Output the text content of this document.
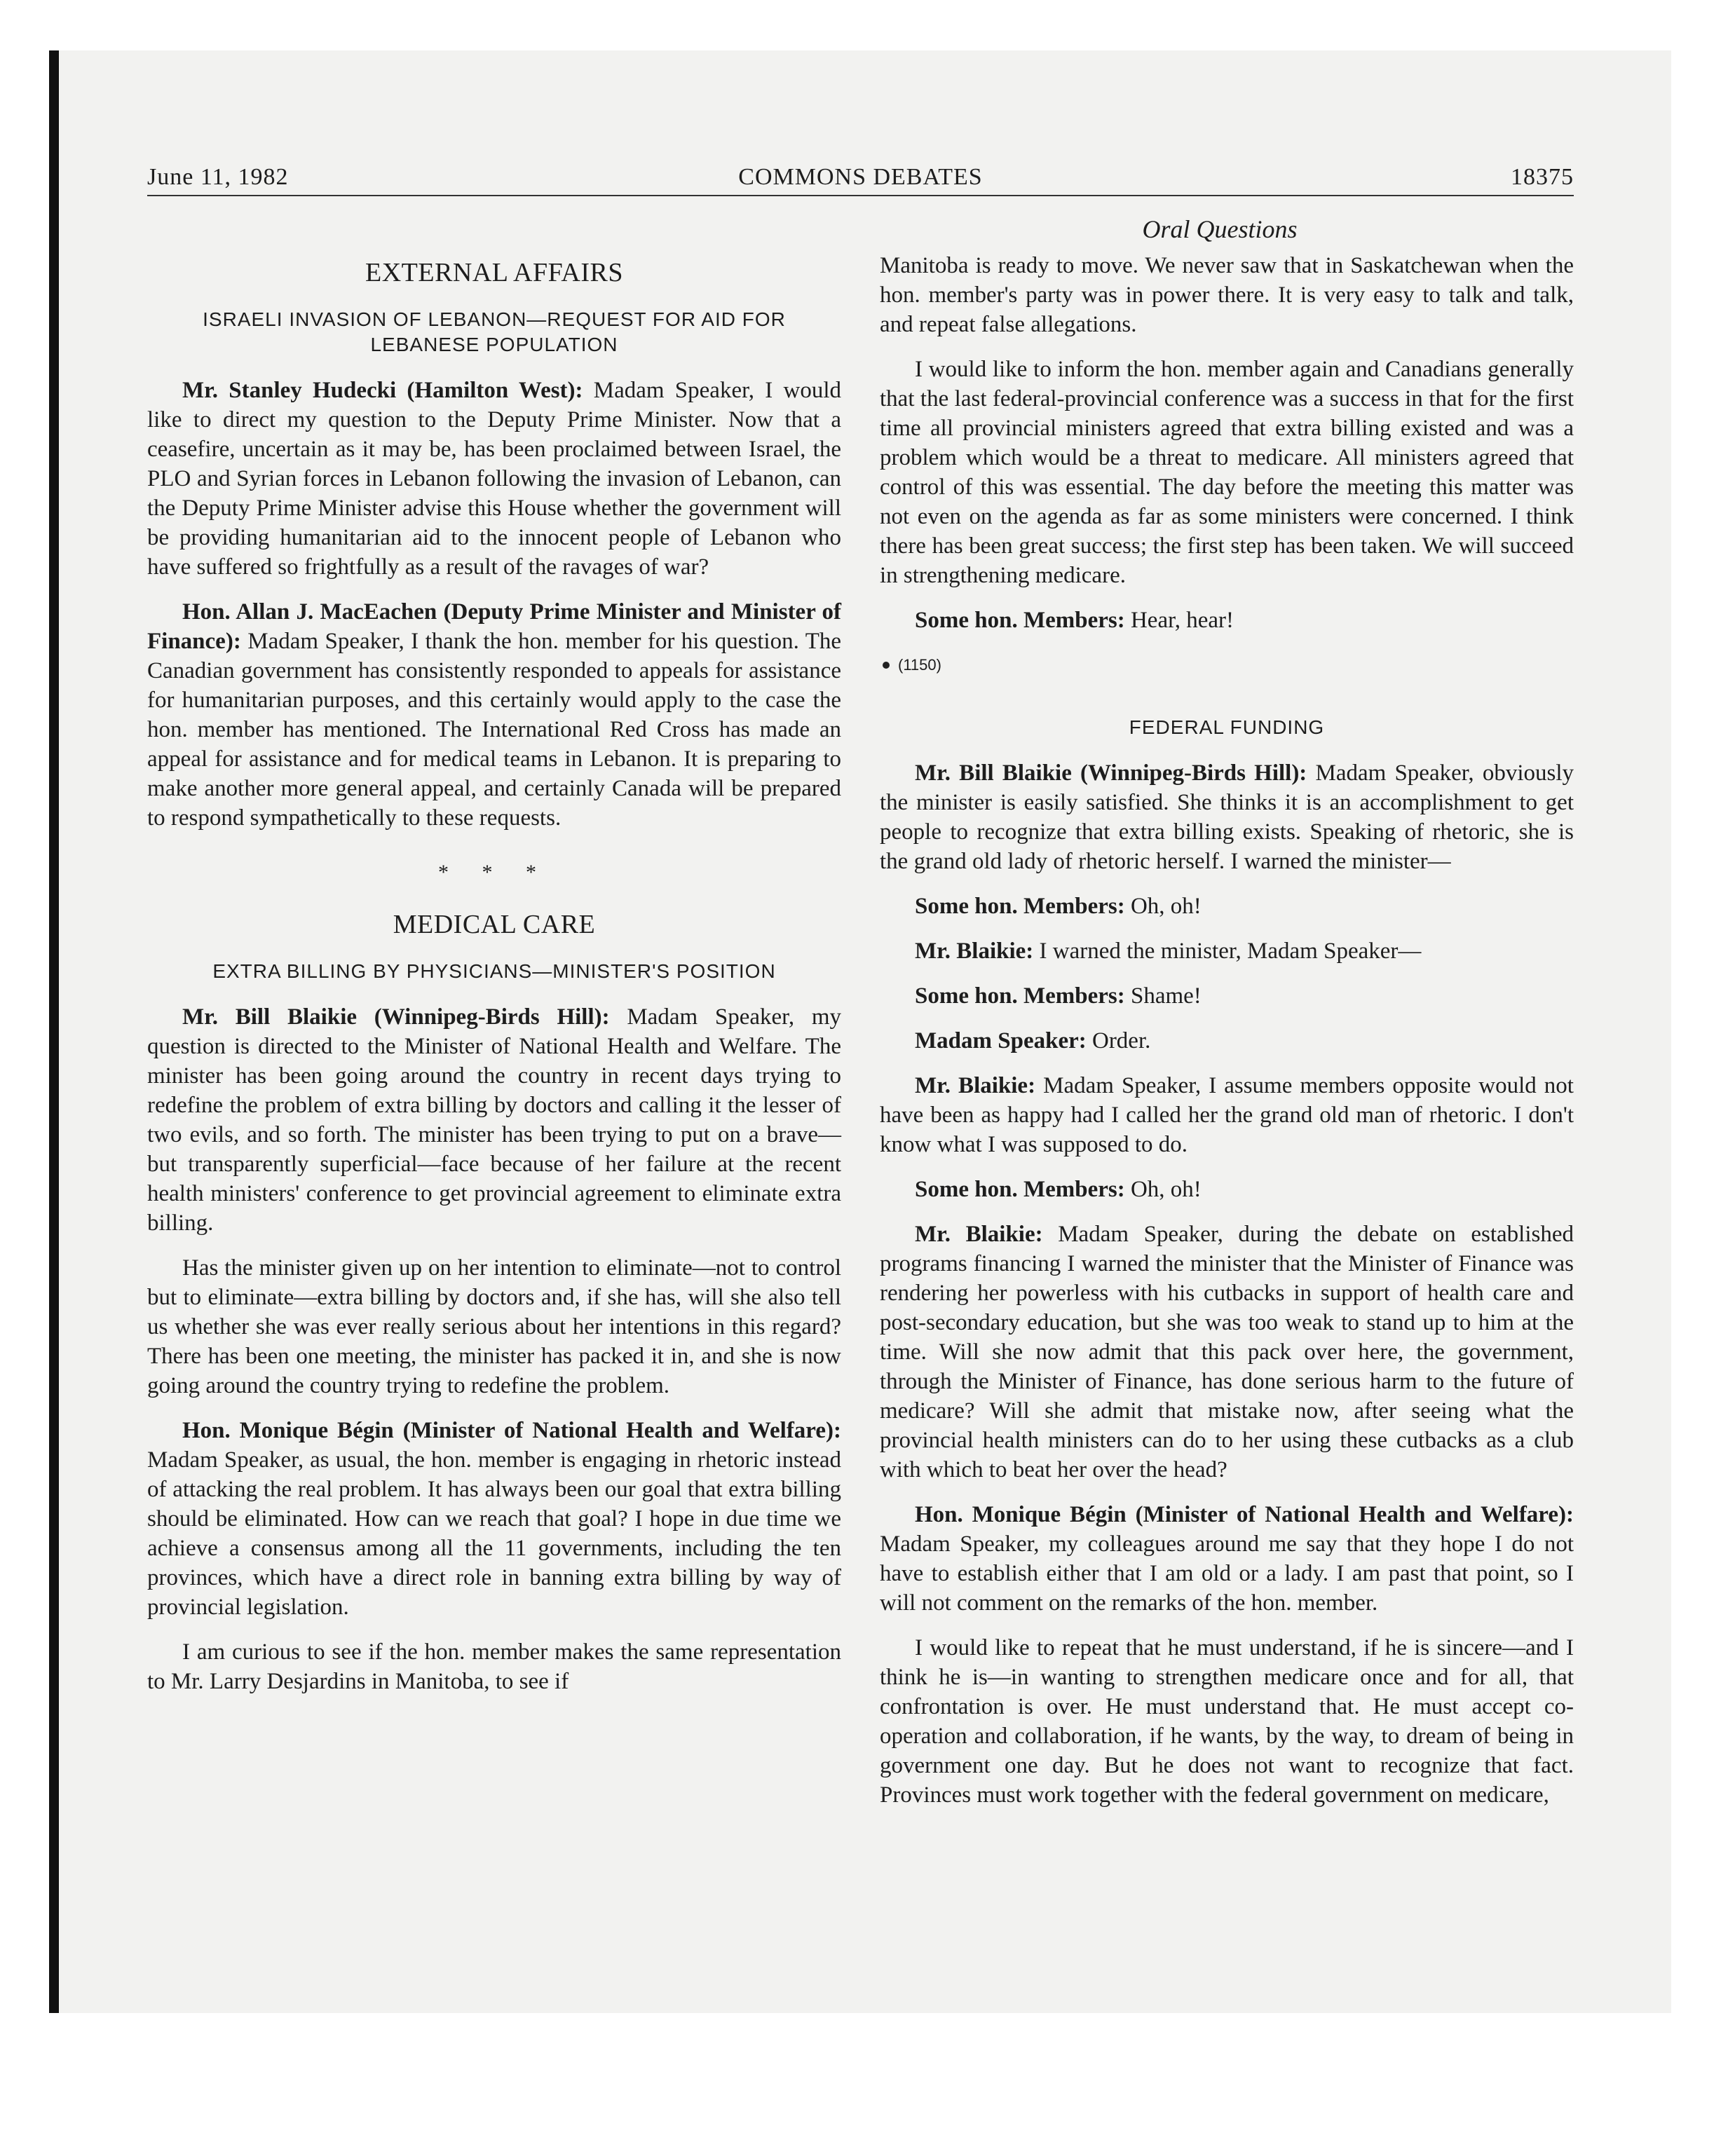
June 11, 1982	COMMONS DEBATES	18375
Oral Questions

EXTERNAL AFFAIRS

ISRAELI INVASION OF LEBANON—REQUEST FOR AID FOR LEBANESE POPULATION

Mr. Stanley Hudecki (Hamilton West): Madam Speaker, I would like to direct my question to the Deputy Prime Minister. Now that a ceasefire, uncertain as it may be, has been proclaimed between Israel, the PLO and Syrian forces in Lebanon following the invasion of Lebanon, can the Deputy Prime Minister advise this House whether the government will be providing humanitarian aid to the innocent people of Lebanon who have suffered so frightfully as a result of the ravages of war?

Hon. Allan J. MacEachen (Deputy Prime Minister and Minister of Finance): Madam Speaker, I thank the hon. member for his question. The Canadian government has consistently responded to appeals for assistance for humanitarian purposes, and this certainly would apply to the case the hon. member has mentioned. The International Red Cross has made an appeal for assistance and for medical teams in Lebanon. It is preparing to make another more general appeal, and certainly Canada will be prepared to respond sympathetically to these requests.

* * *

MEDICAL CARE

EXTRA BILLING BY PHYSICIANS—MINISTER'S POSITION

Mr. Bill Blaikie (Winnipeg-Birds Hill): Madam Speaker, my question is directed to the Minister of National Health and Welfare. The minister has been going around the country in recent days trying to redefine the problem of extra billing by doctors and calling it the lesser of two evils, and so forth. The minister has been trying to put on a brave—but transparently superficial—face because of her failure at the recent health ministers' conference to get provincial agreement to eliminate extra billing.

Has the minister given up on her intention to eliminate—not to control but to eliminate—extra billing by doctors and, if she has, will she also tell us whether she was ever really serious about her intentions in this regard? There has been one meeting, the minister has packed it in, and she is now going around the country trying to redefine the problem.

Hon. Monique Bégin (Minister of National Health and Welfare): Madam Speaker, as usual, the hon. member is engaging in rhetoric instead of attacking the real problem. It has always been our goal that extra billing should be eliminated. How can we reach that goal? I hope in due time we achieve a consensus among all the 11 governments, including the ten provinces, which have a direct role in banning extra billing by way of provincial legislation.

I am curious to see if the hon. member makes the same representation to Mr. Larry Desjardins in Manitoba, to see if

Manitoba is ready to move. We never saw that in Saskatchewan when the hon. member's party was in power there. It is very easy to talk and talk, and repeat false allegations.

I would like to inform the hon. member again and Canadians generally that the last federal-provincial conference was a success in that for the first time all provincial ministers agreed that extra billing existed and was a problem which would be a threat to medicare. All ministers agreed that control of this was essential. The day before the meeting this matter was not even on the agenda as far as some ministers were concerned. I think there has been great success; the first step has been taken. We will succeed in strengthening medicare.

Some hon. Members: Hear, hear!

(1150)

FEDERAL FUNDING

Mr. Bill Blaikie (Winnipeg-Birds Hill): Madam Speaker, obviously the minister is easily satisfied. She thinks it is an accomplishment to get people to recognize that extra billing exists. Speaking of rhetoric, she is the grand old lady of rhetoric herself. I warned the minister—

Some hon. Members: Oh, oh!

Mr. Blaikie: I warned the minister, Madam Speaker—

Some hon. Members: Shame!

Madam Speaker: Order.

Mr. Blaikie: Madam Speaker, I assume members opposite would not have been as happy had I called her the grand old man of rhetoric. I don't know what I was supposed to do.

Some hon. Members: Oh, oh!

Mr. Blaikie: Madam Speaker, during the debate on established programs financing I warned the minister that the Minister of Finance was rendering her powerless with his cutbacks in support of health care and post-secondary education, but she was too weak to stand up to him at the time. Will she now admit that this pack over here, the government, through the Minister of Finance, has done serious harm to the future of medicare? Will she admit that mistake now, after seeing what the provincial health ministers can do to her using these cutbacks as a club with which to beat her over the head?

Hon. Monique Bégin (Minister of National Health and Welfare): Madam Speaker, my colleagues around me say that they hope I do not have to establish either that I am old or a lady. I am past that point, so I will not comment on the remarks of the hon. member.

I would like to repeat that he must understand, if he is sincere—and I think he is—in wanting to strengthen medicare once and for all, that confrontation is over. He must understand that. He must accept co-operation and collaboration, if he wants, by the way, to dream of being in government one day. But he does not want to recognize that fact. Provinces must work together with the federal government on medicare,
